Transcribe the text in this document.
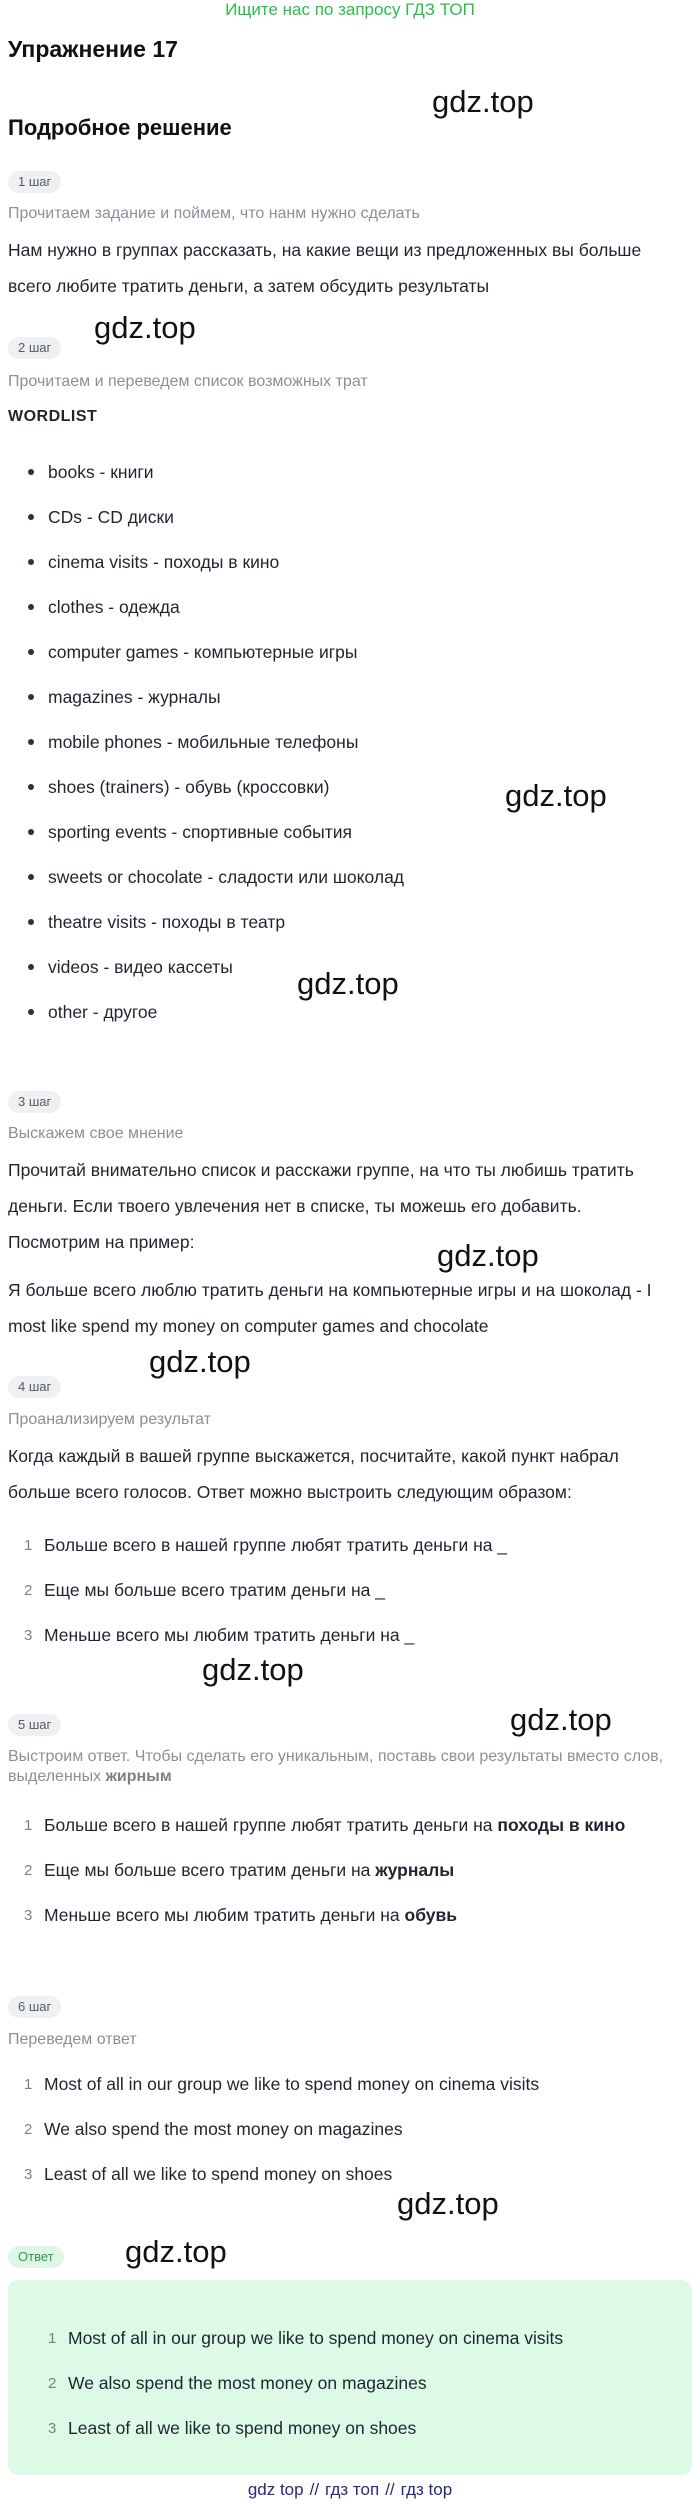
Ищите нас по запросу ГДЗ ТОП
Упражнение 17
Подробное решение
gdz.top
gdz.top
gdz.top
gdz.top
gdz.top
gdz.top
gdz.top
gdz.top
gdz.top
gdz.top
1 шаг
Прочитаем задание и поймем, что нанм нужно сделать
Нам нужно в группах рассказать, на какие вещи из предложенных вы больше
всего любите тратить деньги, а затем обсудить результаты
2 шаг
Прочитаем и переведем список возможных трат
WORDLIST
books - книги
CDs - CD диски
cinema visits - походы в кино
clothes - одежда
computer games - компьютерные игры
magazines - журналы
mobile phones - мобильные телефоны
shoes (trainers) - обувь (кроссовки)
sporting events - спортивные события
sweets or chocolate - сладости или шоколад
theatre visits - походы в театр
videos - видео кассеты
other - другое
3 шаг
Выскажем свое мнение
Прочитай внимательно список и расскажи группе, на что ты любишь тратить
деньги. Если твоего увлечения нет в списке, ты можешь его добавить.
Посмотрим на пример:
Я больше всего люблю тратить деньги на компьютерные игры и на шоколад - I
most like spend my money on computer games and chocolate
4 шаг
Проанализируем результат
Когда каждый в вашей группе выскажется, посчитайте, какой пункт набрал
больше всего голосов. Ответ можно выстроить следующим образом:
1 Больше всего в нашей группе любят тратить деньги на _
2 Еще мы больше всего тратим деньги на _
3 Меньше всего мы любим тратить деньги на _
5 шаг
Выстроим ответ. Чтобы сделать его уникальным, поставь свои результаты вместо слов,
выделенных жирным
1 Больше всего в нашей группе любят тратить деньги на походы в кино
2 Еще мы больше всего тратим деньги на журналы
3 Меньше всего мы любим тратить деньги на обувь
6 шаг
Переведем ответ
1 Most of all in our group we like to spend money on cinema visits
2 We also spend the most money on magazines
3 Least of all we like to spend money on shoes
Ответ
1 Most of all in our group we like to spend money on cinema visits
2 We also spend the most money on magazines
3 Least of all we like to spend money on shoes
gdz top // гдз топ // гдз top
